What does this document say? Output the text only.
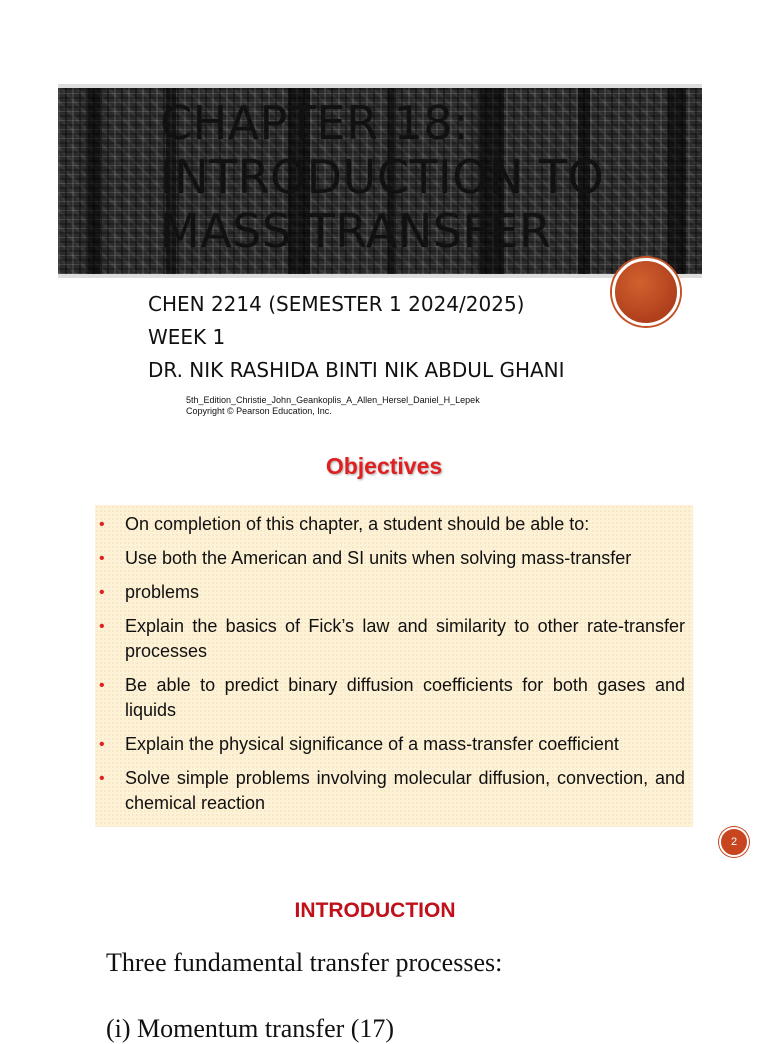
CHAPTER 18:
INTRODUCTION TO
MASS TRANSFER
CHEN 2214 (SEMESTER 1 2024/2025)
WEEK 1
DR. NIK RASHIDA BINTI NIK ABDUL GHANI
5th_Edition_Christie_John_Geankoplis_A_Allen_Hersel_Daniel_H_Lepek
Copyright © Pearson Education, Inc.
Objectives
• On completion of this chapter, a student should be able to:
• Use both the American and SI units when solving mass-transfer
• problems
• Explain the basics of Fick’s law and similarity to other rate-transfer processes
• Be able to predict binary diffusion coefficients for both gases and liquids
• Explain the physical significance of a mass-transfer coefficient
• Solve simple problems involving molecular diffusion, convection, and chemical reaction
2
INTRODUCTION
Three fundamental transfer processes:
(i) Momentum transfer (17)
